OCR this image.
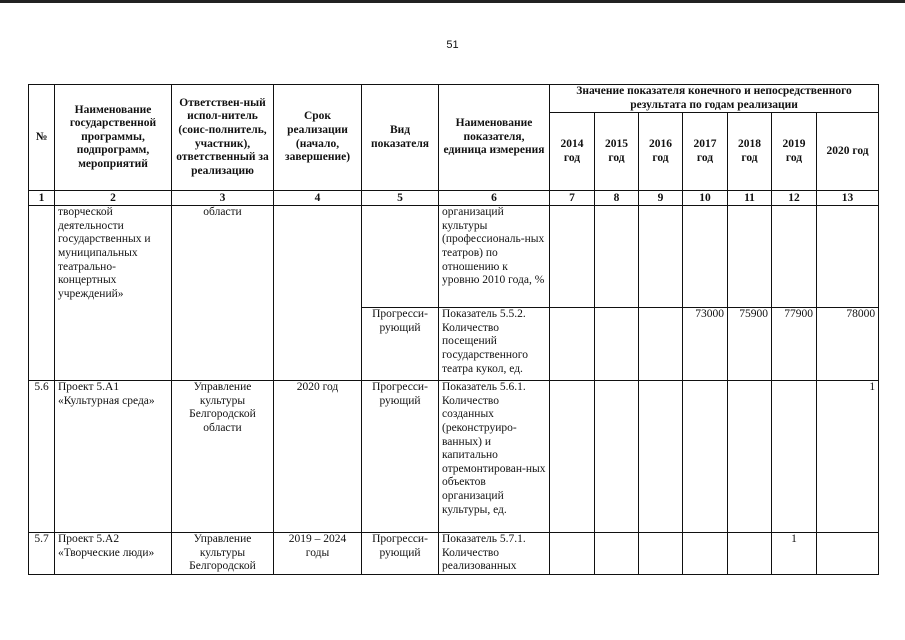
51
№	Наименование государственной программы, подпрограмм, мероприятий	Ответствен-ный испол-нитель (соис-полнитель, участник), ответственный за реализацию	Срок реализации (начало, завершение)	Вид показателя	Наименование показателя, единица измерения	Значение показателя конечного и непосредственного результата по годам реализации						
						2014 год	2015 год	2016 год	2017 год	2018 год	2019 год	2020 год
1	2	3	4	5	6	7	8	9	10	11	12	13
	творческой деятельности государственных и муниципальных театрально-концертных учреждений»	области			организаций культуры (профессиональ-ных театров) по отношению к уровню 2010 года, %							
				Прогресси-рующий	Показатель 5.5.2. Количество посещений государственного театра кукол, ед.				73000	75900	77900	78000
5.6	Проект 5.А1 «Культурная среда»	Управление культуры Белгородской области	2020 год	Прогресси-рующий	Показатель 5.6.1. Количество созданных (реконструиро-ванных) и капитально отремонтирован-ных объектов организаций культуры, ед.							1
5.7	Проект 5.А2 «Творческие люди»	Управление культуры Белгородской	2019 – 2024 годы	Прогресси-рующий	Показатель 5.7.1. Количество реализованных						1	
